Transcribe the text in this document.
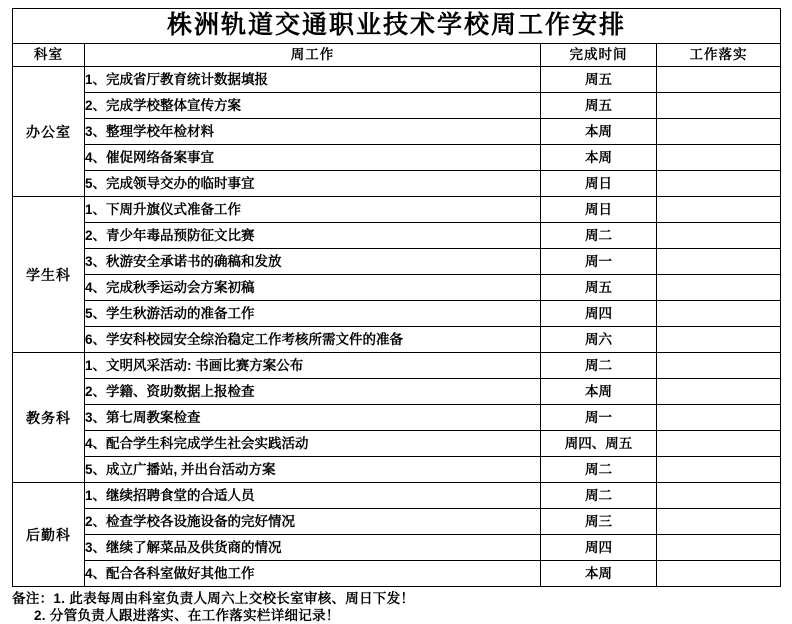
株洲轨道交通职业技术学校周工作安排			
科室	周工作	完成时间	工作落实
办公室	1、完成省厅教育统计数据填报	周五	
	2、完成学校整体宣传方案	周五	
	3、整理学校年检材料	本周	
	4、催促网络备案事宜	本周	
	5、完成领导交办的临时事宜	周日	
学生科	1、下周升旗仪式准备工作	周日	
	2、青少年毒品预防征文比赛	周二	
	3、秋游安全承诺书的确稿和发放	周一	
	4、完成秋季运动会方案初稿	周五	
	5、学生秋游活动的准备工作	周四	
	6、学安科校园安全综治稳定工作考核所需文件的准备	周六	
教务科	1、文明风采活动: 书画比赛方案公布	周二	
	2、学籍、资助数据上报检查	本周	
	3、第七周教案检查	周一	
	4、配合学生科完成学生社会实践活动	周四、周五	
	5、成立广播站, 并出台活动方案	周二	
后勤科	1、继续招聘食堂的合适人员	周二	
	2、检查学校各设施设备的完好情况	周三	
	3、继续了解菜品及供货商的情况	周四	
	4、配合各科室做好其他工作	本周	
备注：1. 此表每周由科室负责人周六上交校长室审核、周日下发！
2. 分管负责人跟进落实、在工作落实栏详细记录！
